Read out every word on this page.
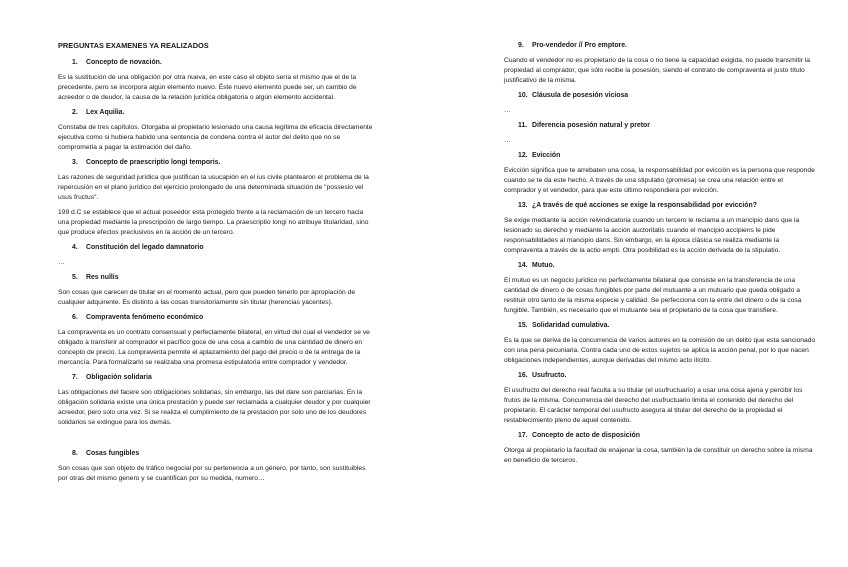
PREGUNTAS EXAMENES YA REALIZADOS
1. Concepto de novación.
Es la sustitución de una obligación por otra nueva, en este caso el objeto sería el mismo que el de la precedente, pero se incorpora algún elemento nuevo. Éste nuevo elemento puede ser, un cambio de acreedor o de deudor, la causa de la relación jurídica obligatoria o algún elemento accidental.
2. Lex Aquilia.
Constaba de tres capítulos. Otorgaba al propietario lesionado una causa legítima de eficacia directamente ejecutiva como si hubiera habido una sentencia de condena contra el autor del delito que no se comprometía a pagar la estimación del daño.
3. Concepto de praescriptio longi temporis.
Las razones de seguridad jurídica que justifican la usucapión en el ius civile plantearon el problema de la repercusión en el plano jurídico del ejercicio prolongado de una determinada situación de "possesio vel usus fructus".
199 d.C se establece que el actual poseedor esta protegido frente a la reclamación de un tercero hacia una propiedad mediante la prescripción de largo tiempo. La praescriptio longi no atribuye titularidad, sino que produce efectos preclusivos en la acción de un tercero.
4. Constitución del legado damnatorio
…
5. Res nullis
Son cosas que carecen de titular en el momento actual, pero que pueden tenerlo por apropiación de cualquier adquirente. Es distinto a las cosas transitoriamente sin titular (herencias yacentes).
6. Compraventa fenómeno económico
La compraventa es un contrato consensual y perfectamente bilateral, en virtud del cual el vendedor se ve obligado a transferir al comprador el pacífico goce de una cosa a cambio de una cantidad de dinero en concepto de precio. La compraventa permite el aplazamiento del pago del precio o de la entrega de la mercancía. Para formalizarlo se realizaba una promesa estipulatoria entre comprador y vendedor.
7. Obligación solidaria
Las obligaciones del facere son obligaciones solidarias, sin embargo, las del dare son parciarias. En la obligación solidaria existe una única prestación y puede ser reclamada a cualquier deudor y por cualquier acreedor, pero solo una vez. Si se realiza el cumplimiento de la prestación por solo uno de los deudores solidarios se extingue para los demás.
8. Cosas fungibles
Son cosas que son objeto de tráfico negocial por su pertenencia a un género, por tanto, son sustituibles por otras del mismo genero y se cuantifican por su medida, numero…
9. Pro-vendedor // Pro emptore.
Cuando el vendedor no es propietario de la cosa o no tiene la capacidad exigida, no puede transmitir la propiedad al comprador, que sólo recibe la posesión, siendo el contrato de compraventa el justo título justificativo de la misma.
10. Cláusula de posesión viciosa
…
11. Diferencia posesión natural y pretor
…
12. Evicción
Evicción significa que te arrebaten una cosa, la responsabilidad por evicción es la persona que responde cuando se te da este hecho. A través de una stipulatio (promesa) se crea una relación entre el comprador y el vendedor, para que este último respondiera por evicción.
13. ¿A través de qué acciones se exige la responsabilidad por evicción?
Se exige mediante la acción reivindicatoria cuando un tercero le reclama a un mancipio dans que la lesionado su derecho y mediante la acción auctoritatis cuando el mancipio accipiens le pide responsabilidades al mancipio dans. Sin embargo, en la época clásica se realiza mediante la compraventa a través de la actio empti. Otra posibilidad es la acción derivada de la stipulatio.
14. Mutuo.
El mutuo es un negocio jurídico no perfectamente bilateral que consiste en la transferencia de una cantidad de dinero o de cosas fungibles por parte del mutuante a un mutuario que queda obligado a restituir otro tanto de la misma especie y calidad. Se perfecciona con la entre del dinero o de la cosa fungible. También, es necesario que el mutuante sea el propietario de la cosa que transfiere.
15. Solidaridad cumulativa.
Es la que se deriva de la concurrencia de varios autores en la comisión de un delito que esta sancionado con una pena pecuniaria. Contra cada uno de estos sujetos se aplica la acción penal, por lo que nacen obligaciones independientes, aunque derivadas del mismo acto ilícito.
16. Usufructo.
El usufructo del derecho real faculta a su titular (el usufructuario) a usar una cosa ajena y percibir los frutos de la misma. Concurrencia del derecho del usufructuario limita el contenido del derecho del propietario. El carácter temporal del usufructo asegura al titular del derecho de la propiedad el restablecimiento pleno de aquel contenido.
17. Concepto de acto de disposición
Otorga al propietario la facultad de enajenar la cosa, también la de constituir un derecho sobre la misma en beneficio de terceros.
